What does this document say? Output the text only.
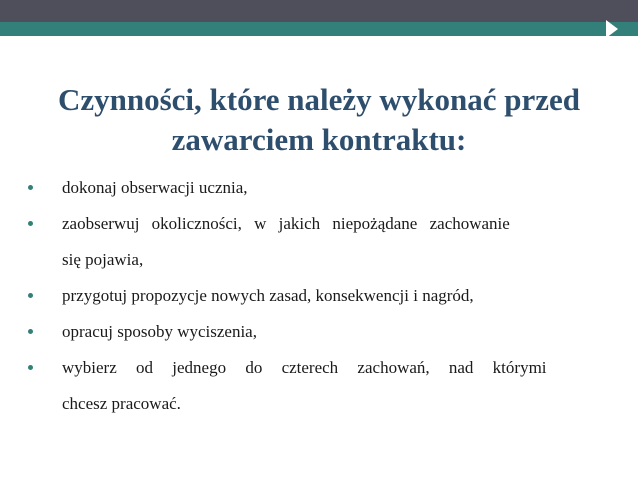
Czynności, które należy wykonać przed
zawarciem kontraktu:
dokonaj obserwacji ucznia,
zaobserwuj okoliczności, w jakich niepożądane zachowanie
się pojawia,
przygotuj propozycje nowych zasad, konsekwencji i nagród,
opracuj sposoby wyciszenia,
wybierz od jednego do czterech zachowań, nad którymi
chcesz pracować.
